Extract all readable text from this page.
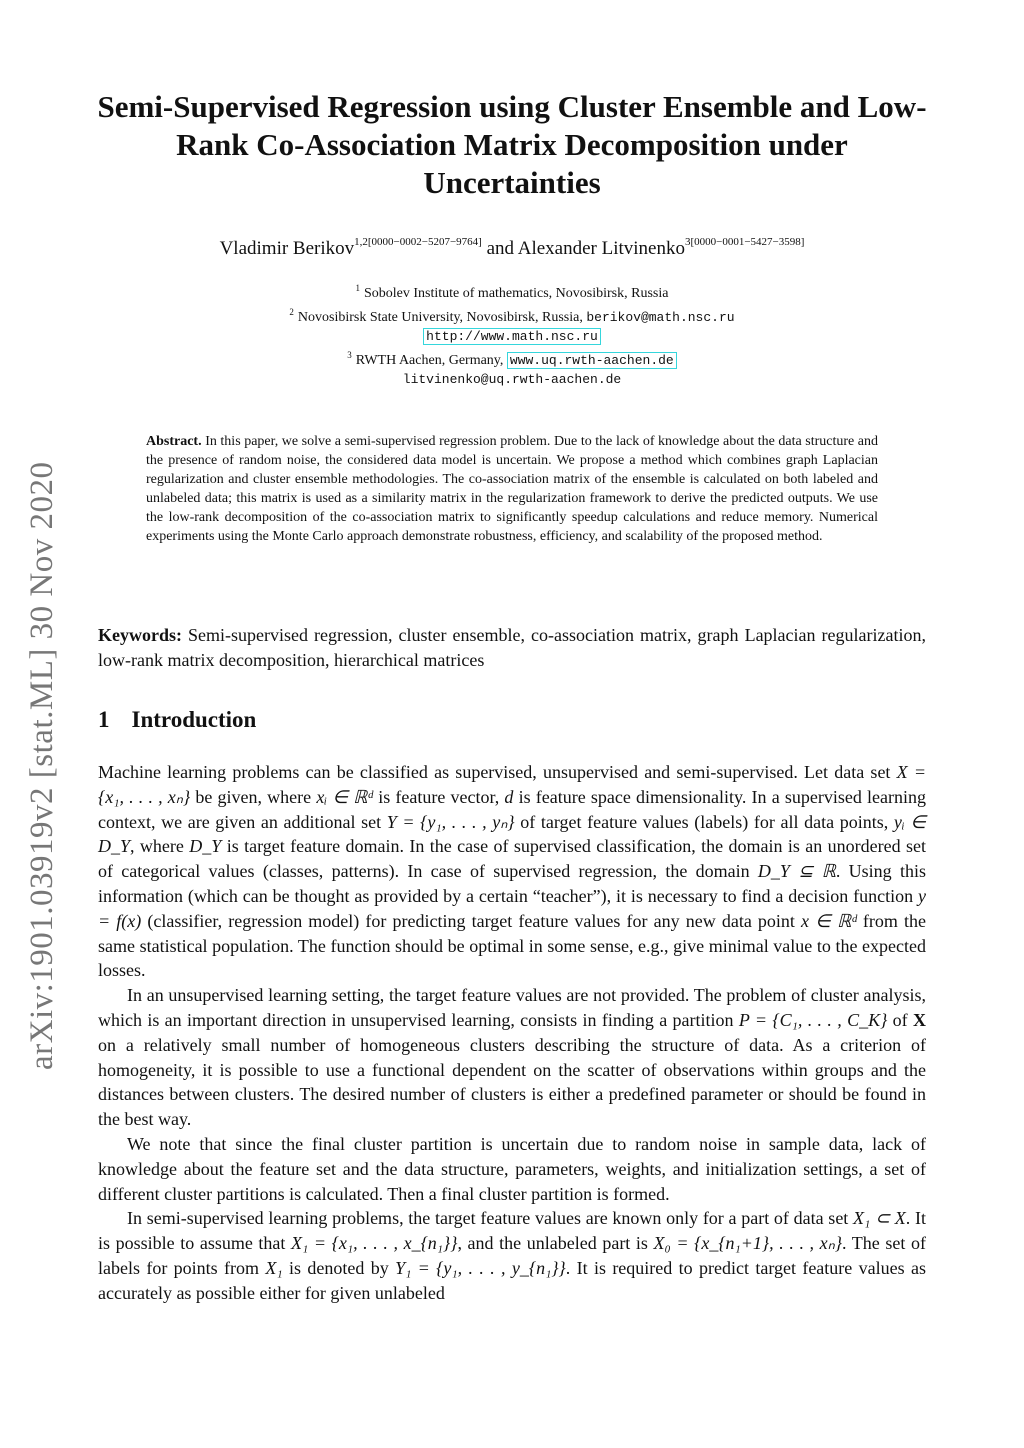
arXiv:1901.03919v2 [stat.ML] 30 Nov 2020
Semi-Supervised Regression using Cluster Ensemble and Low-Rank Co-Association Matrix Decomposition under Uncertainties
Vladimir Berikov$^{1,2[0000-0002-5207-9764]}$ and Alexander Litvinenko$^{3[0000-0001-5427-3598]}$
$^1$ Sobolev Institute of mathematics, Novosibirsk, Russia
$^2$ Novosibirsk State University, Novosibirsk, Russia, berikov@math.nsc.ru
http://www.math.nsc.ru
$^3$ RWTH Aachen, Germany, www.uq.rwth-aachen.de
litvinenko@uq.rwth-aachen.de
Abstract. In this paper, we solve a semi-supervised regression problem. Due to the lack of knowledge about the data structure and the presence of random noise, the considered data model is uncertain. We propose a method which combines graph Laplacian regularization and cluster ensemble methodologies. The co-association matrix of the ensemble is calculated on both labeled and unlabeled data; this matrix is used as a similarity matrix in the regularization framework to derive the predicted outputs. We use the low-rank decomposition of the co-association matrix to significantly speedup calculations and reduce memory. Numerical experiments using the Monte Carlo approach demonstrate robustness, efficiency, and scalability of the proposed method.
Keywords: Semi-supervised regression, cluster ensemble, co-association matrix, graph Laplacian regularization, low-rank matrix decomposition, hierarchical matrices
1 Introduction

Machine learning problems can be classified as supervised, unsupervised and semi-supervised. Let data set X = {x₁, . . . , xₙ} be given, where xᵢ ∈ ℝᵈ is feature vector, d is feature space dimensionality. In a supervised learning context, we are given an additional set Y = {y₁, . . . , yₙ} of target feature values (labels) for all data points, yᵢ ∈ D_Y, where D_Y is target feature domain. In the case of supervised classification, the domain is an unordered set of categorical values (classes, patterns). In case of supervised regression, the domain D_Y ⊆ ℝ. Using this information (which can be thought as provided by a certain “teacher”), it is necessary to find a decision function y = f(x) (classifier, regression model) for predicting target feature values for any new data point x ∈ ℝᵈ from the same statistical population. The function should be optimal in some sense, e.g., give minimal value to the expected losses.

In an unsupervised learning setting, the target feature values are not provided. The problem of cluster analysis, which is an important direction in unsupervised learning, consists in finding a partition P = {C₁, . . . , C_K} of X on a relatively small number of homogeneous clusters describing the structure of data. As a criterion of homogeneity, it is possible to use a functional dependent on the scatter of observations within groups and the distances between clusters. The desired number of clusters is either a predefined parameter or should be found in the best way.

We note that since the final cluster partition is uncertain due to random noise in sample data, lack of knowledge about the feature set and the data structure, parameters, weights, and initialization settings, a set of different cluster partitions is calculated. Then a final cluster partition is formed.

In semi-supervised learning problems, the target feature values are known only for a part of data set X₁ ⊂ X. It is possible to assume that X₁ = {x₁, . . . , x_{n₁}}, and the unlabeled part is X₀ = {x_{n₁+1}, . . . , xₙ}. The set of labels for points from X₁ is denoted by Y₁ = {y₁, . . . , y_{n₁}}. It is required to predict target feature values as accurately as possible either for given unlabeled
